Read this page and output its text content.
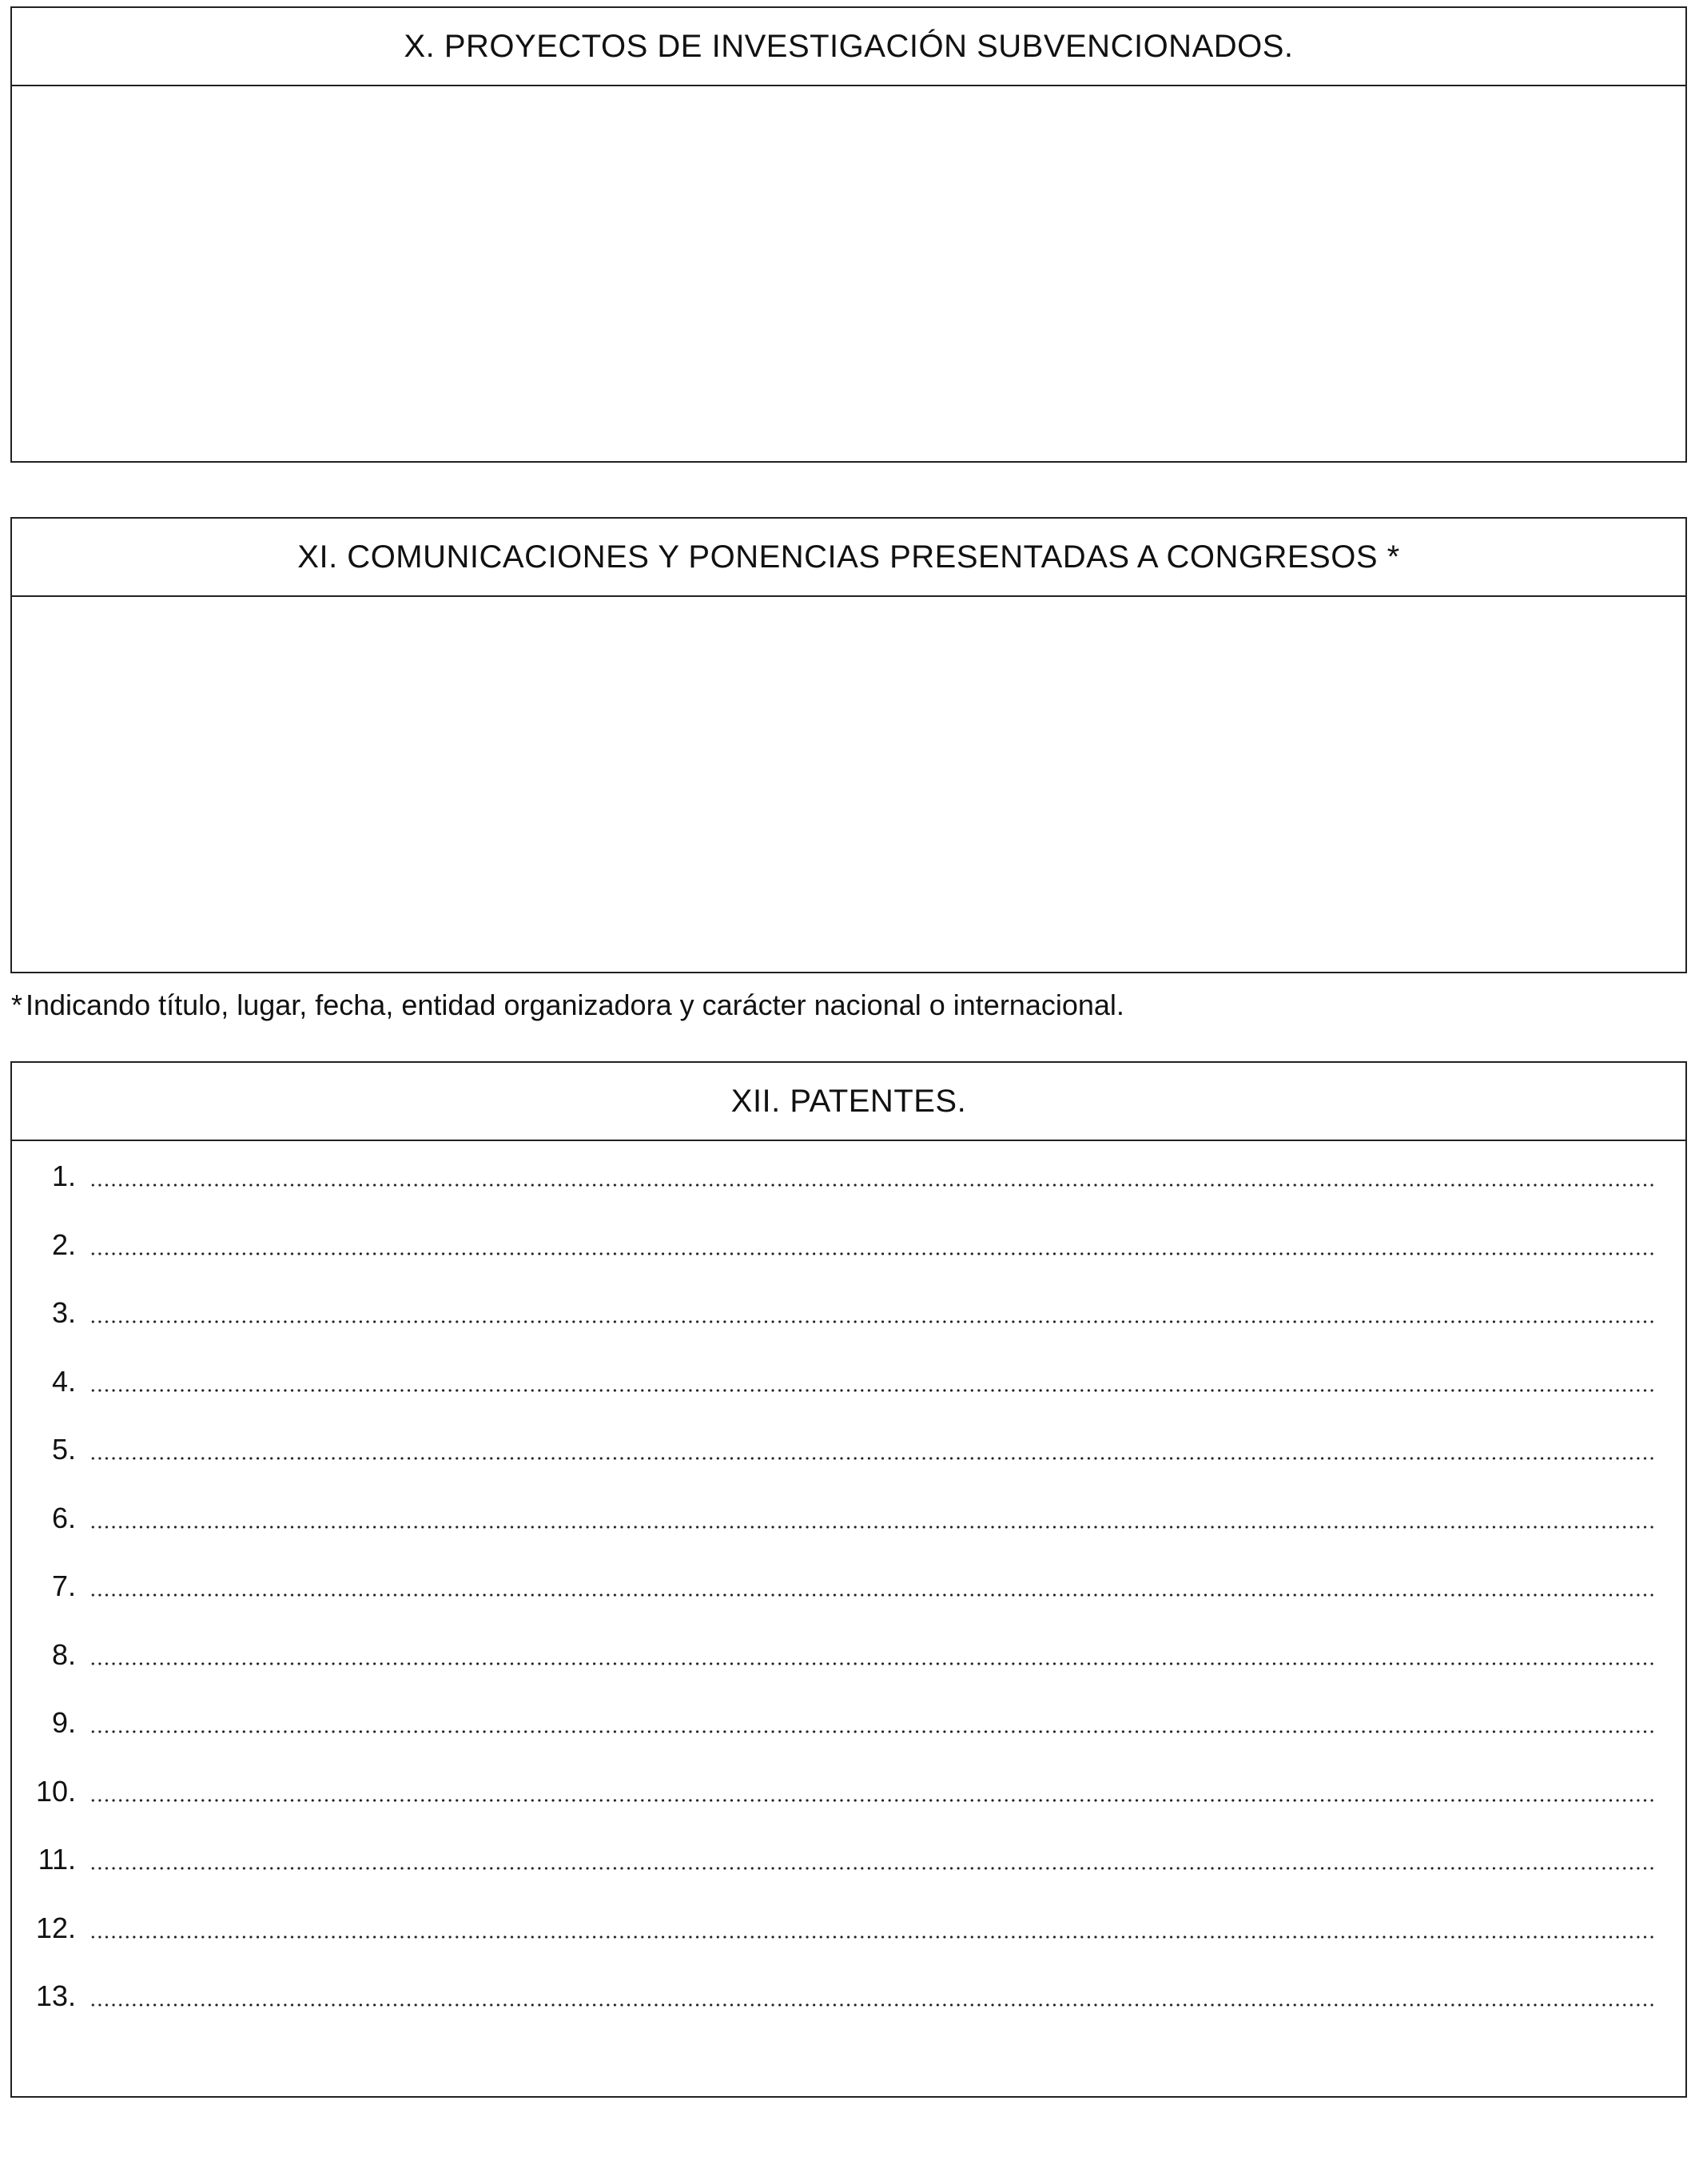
X. PROYECTOS DE INVESTIGACIÓN SUBVENCIONADOS.
XI. COMUNICACIONES Y PONENCIAS PRESENTADAS A CONGRESOS *
* Indicando título, lugar, fecha, entidad organizadora y carácter nacional o internacional.
XII. PATENTES.
1.
2.
3.
4.
5.
6.
7.
8.
9.
10.
11.
12.
13.
